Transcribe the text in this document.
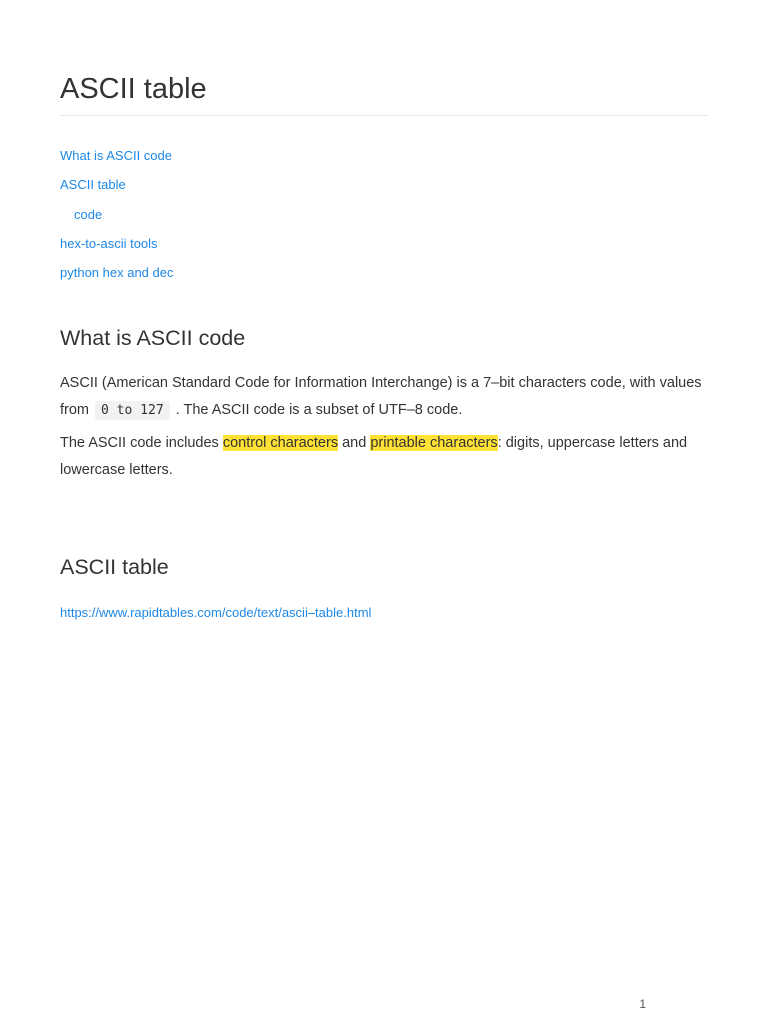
ASCII table
What is ASCII code
ASCII table
code
hex-to-ascii tools
python hex and dec
What is ASCII code

ASCII (American Standard Code for Information Interchange) is a 7–bit characters code, with values from 0 to 127 . The ASCII code is a subset of UTF–8 code.

The ASCII code includes control characters and printable characters: digits, uppercase letters and lowercase letters.

ASCII table
https://www.rapidtables.com/code/text/ascii–table.html
1
